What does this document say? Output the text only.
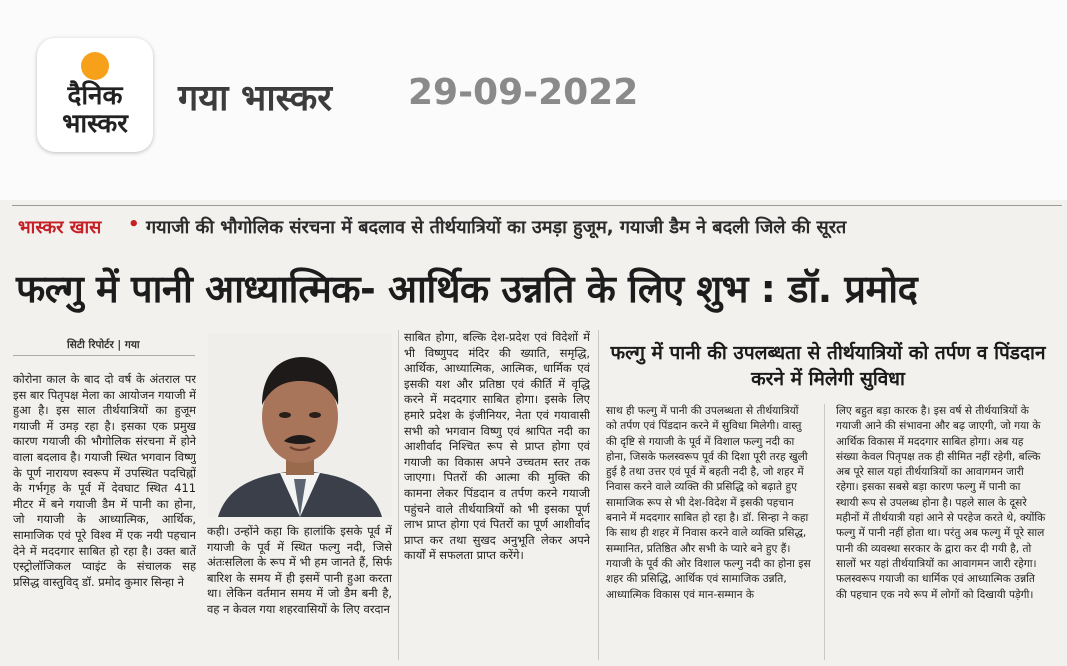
दैनिक
भास्कर
गया भास्कर 29-09-2022
भास्कर खास • गयाजी की भौगोलिक संरचना में बदलाव से तीर्थयात्रियों का उमड़ा हुजूम, गयाजी डैम ने बदली जिले की सूरत
फल्गु में पानी आध्यात्मिक- आर्थिक उन्नति के लिए शुभ : डॉ. प्रमोद
सिटी रिपोर्टर | गया
कोरोना काल के बाद दो वर्ष के अंतराल पर इस बार पितृपक्ष मेला का आयोजन गयाजी में हुआ है। इस साल तीर्थयात्रियों का हुजूम गयाजी में उमड़ रहा है। इसका एक प्रमुख कारण गयाजी की भौगोलिक संरचना में होने वाला बदलाव है। गयाजी स्थित भगवान विष्णु के पूर्ण नारायण स्वरूप में उपस्थित पदचिह्नों के गर्भगृह के पूर्व में देवघाट स्थित 411 मीटर में बने गयाजी डैम में पानी का होना, जो गयाजी के आध्यात्मिक, आर्थिक, सामाजिक एवं पूरे विश्व में एक नयी पहचान देने में मददगार साबित हो रहा है। उक्त बातें एस्ट्रोलॉजिकल प्वाइंट के संचालक सह प्रसिद्ध वास्तुविद् डॉ. प्रमोद कुमार सिन्हा ने
कही। उन्होंने कहा कि हालांकि इसके पूर्व में गयाजी के पूर्व में स्थित फल्गु नदी, जिसे अंतःसलिला के रूप में भी हम जानते हैं, सिर्फ बारिश के समय में ही इसमें पानी हुआ करता था। लेकिन वर्तमान समय में जो डैम बनी है, वह न केवल गया शहरवासियों के लिए वरदान
साबित होगा, बल्कि देश-प्रदेश एवं विदेशों में भी विष्णुपद मंदिर की ख्याति, समृद्धि, आर्थिक, आध्यात्मिक, आत्मिक, धार्मिक एवं इसकी यश और प्रतिष्ठा एवं कीर्ति में वृद्धि करने में मददगार साबित होगा। इसके लिए हमारे प्रदेश के इंजीनियर, नेता एवं गयावासी सभी को भगवान विष्णु एवं श्रापित नदी का आशीर्वाद निश्चित रूप से प्राप्त होगा एवं गयाजी का विकास अपने उच्चतम स्तर तक जाएगा। पितरों की आत्मा की मुक्ति की कामना लेकर पिंडदान व तर्पण करने गयाजी पहुंचने वाले तीर्थयात्रियों को भी इसका पूर्ण लाभ प्राप्त होगा एवं पितरों का पूर्ण आशीर्वाद प्राप्त कर तथा सुखद अनुभूति लेकर अपने कार्यों में सफलता प्राप्त करेंगे।
फल्गु में पानी की उपलब्धता से तीर्थयात्रियों को तर्पण व पिंडदान करने में मिलेगी सुविधा
साथ ही फल्गु में पानी की उपलब्धता से तीर्थयात्रियों को तर्पण एवं पिंडदान करने में सुविधा मिलेगी। वास्तु की दृष्टि से गयाजी के पूर्व में विशाल फल्गु नदी का होना, जिसके फलस्वरूप पूर्व की दिशा पूरी तरह खुली हुई है तथा उत्तर एवं पूर्व में बहती नदी है, जो शहर में निवास करने वाले व्यक्ति की प्रसिद्धि को बढ़ाते हुए सामाजिक रूप से भी देश-विदेश में इसकी पहचान बनाने में मददगार साबित हो रहा है। डॉ. सिन्हा ने कहा कि साथ ही शहर में निवास करने वाले व्यक्ति प्रसिद्ध, सम्मानित, प्रतिष्ठित और सभी के प्यारे बने हुए हैं। गयाजी के पूर्व की ओर विशाल फल्गु नदी का होना इस शहर की प्रसिद्धि, आर्थिक एवं सामाजिक उन्नति, आध्यात्मिक विकास एवं मान-सम्मान के
लिए बहुत बड़ा कारक है। इस वर्ष से तीर्थयात्रियों के गयाजी आने की संभावना और बढ़ जाएगी, जो गया के आर्थिक विकास में मददगार साबित होगा। अब यह संख्या केवल पितृपक्ष तक ही सीमित नहीं रहेगी, बल्कि अब पूरे साल यहां तीर्थयात्रियों का आवागमन जारी रहेगा। इसका सबसे बड़ा कारण फल्गु में पानी का स्थायी रूप से उपलब्ध होना है। पहले साल के दूसरे महीनों में तीर्थयात्री यहां आने से परहेज करते थे, क्योंकि फल्गु में पानी नहीं होता था। परंतु अब फल्गु में पूरे साल पानी की व्यवस्था सरकार के द्वारा कर दी गयी है, तो सालों भर यहां तीर्थयात्रियों का आवागमन जारी रहेगा। फलस्वरूप गयाजी का धार्मिक एवं आध्यात्मिक उन्नति की पहचान एक नये रूप में लोगों को दिखायी पड़ेगी।
